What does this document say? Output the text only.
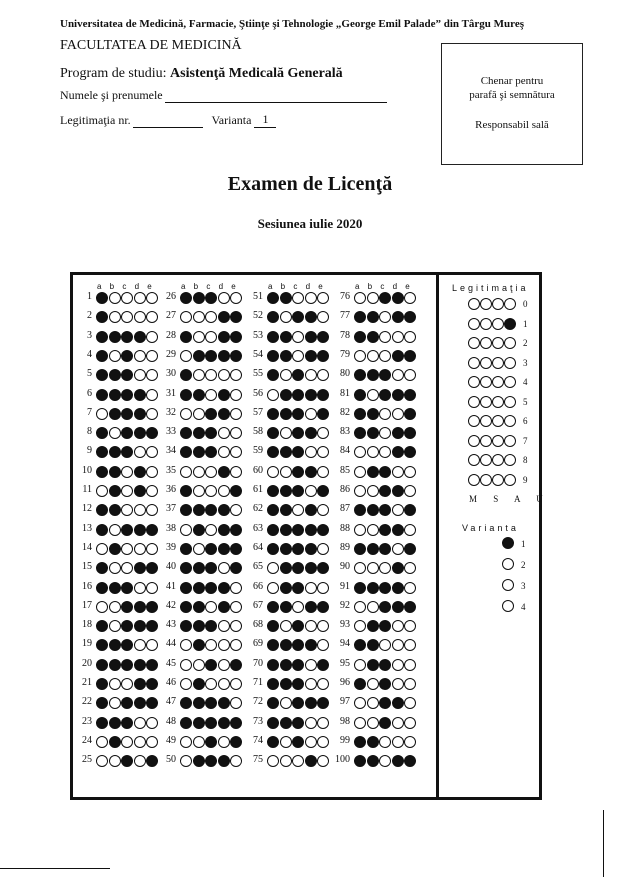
Universitatea de Medicină, Farmacie, Ştiinţe şi Tehnologie „George Emil Palade” din Târgu Mureş
FACULTATEA DE MEDICINĂ
Program de studiu: Asistenţă Medicală Generală
Numele şi prenumele
Legitimaţia nr.	Varianta 1
Chenar pentru
parafă şi semnătura
Responsabil sală
Examen de Licenţă
Sesiunea iulie 2020
a b c d e
1
2
3
4
5
6
7
8
9
10
11
12
13
14
15
16
17
18
19
20
21
22
23
24
25
a b c d e
26
27
28
29
30
31
32
33
34
35
36
37
38
39
40
41
42
43
44
45
46
47
48
49
50
a b c d e
51
52
53
54
55
56
57
58
59
60
61
62
63
64
65
66
67
68
69
70
71
72
73
74
75
a b c d e
76
77
78
79
80
81
82
83
84
85
86
87
88
89
90
91
92
93
94
95
96
97
98
99
100
Legitimaţia
0
1
2
3
4
5
6
7
8
9
M S A U
Varianta
1
2
3
4
